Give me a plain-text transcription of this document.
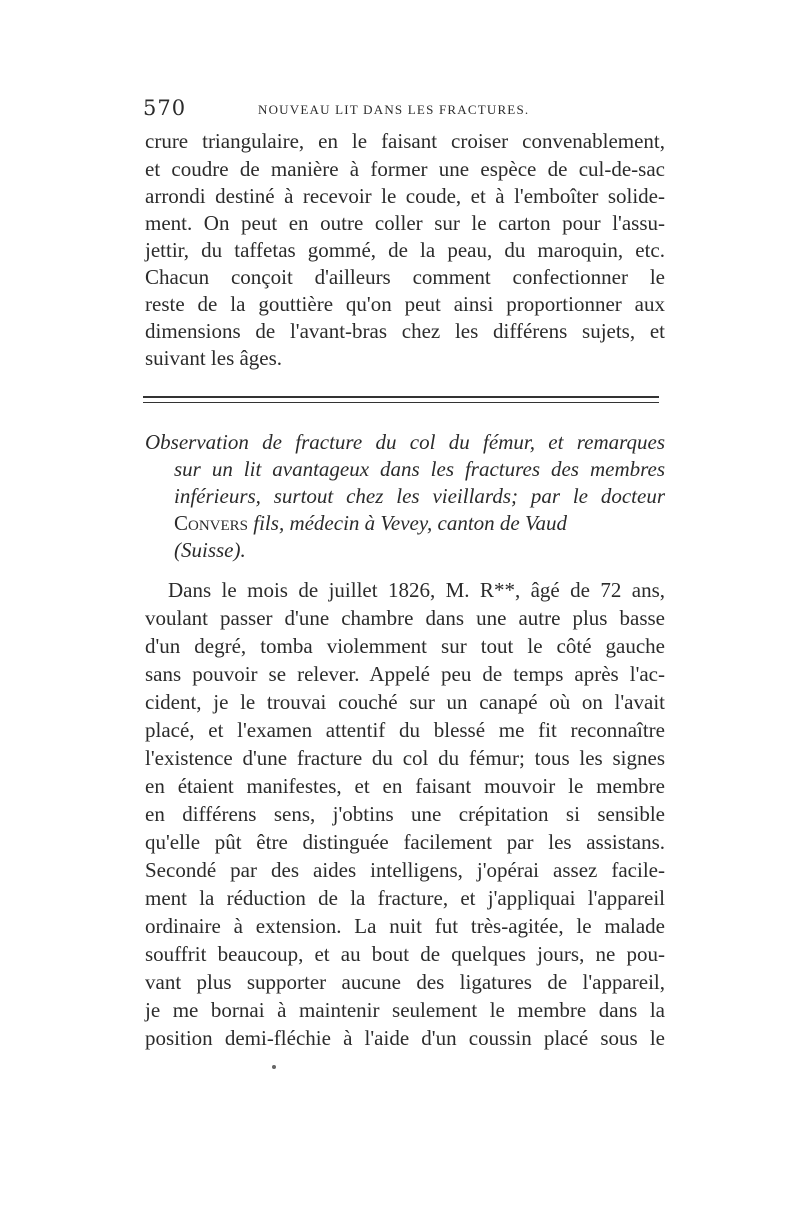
570	NOUVEAU LIT DANS LES FRACTURES.
crure triangulaire, en le faisant croiser convenablement,
et coudre de manière à former une espèce de cul-de-sac
arrondi destiné à recevoir le coude, et à l'emboîter solide-
ment. On peut en outre coller sur le carton pour l'assu-
jettir, du taffetas gommé, de la peau, du maroquin, etc.
Chacun conçoit d'ailleurs comment confectionner le
reste de la gouttière qu'on peut ainsi proportionner aux
dimensions de l'avant-bras chez les différens sujets, et
suivant les âges.
Observation de fracture du col du fémur, et remarques
sur un lit avantageux dans les fractures des membres
inférieurs, surtout chez les vieillards; par le docteur
Convers fils, médecin à Vevey, canton de Vaud
(Suisse).
Dans le mois de juillet 1826, M. R**, âgé de 72 ans,
voulant passer d'une chambre dans une autre plus basse
d'un degré, tomba violemment sur tout le côté gauche
sans pouvoir se relever. Appelé peu de temps après l'ac-
cident, je le trouvai couché sur un canapé où on l'avait
placé, et l'examen attentif du blessé me fit reconnaître
l'existence d'une fracture du col du fémur; tous les signes
en étaient manifestes, et en faisant mouvoir le membre
en différens sens, j'obtins une crépitation si sensible
qu'elle pût être distinguée facilement par les assistans.
Secondé par des aides intelligens, j'opérai assez facile-
ment la réduction de la fracture, et j'appliquai l'appareil
ordinaire à extension. La nuit fut très-agitée, le malade
souffrit beaucoup, et au bout de quelques jours, ne pou-
vant plus supporter aucune des ligatures de l'appareil,
je me bornai à maintenir seulement le membre dans la
position demi-fléchie à l'aide d'un coussin placé sous le
